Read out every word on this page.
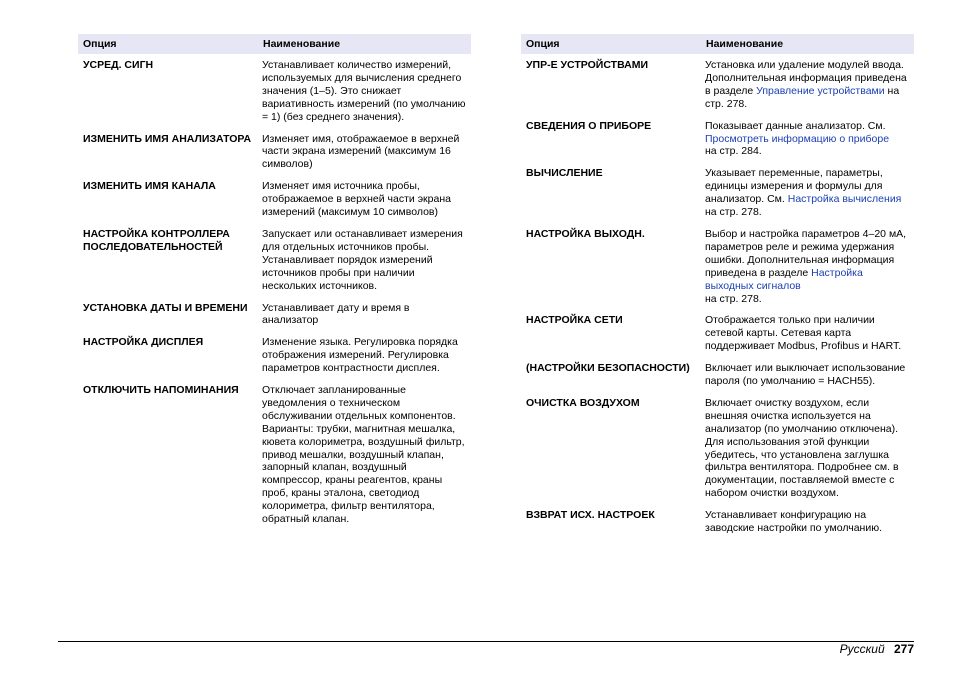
Опция	Наименование
УСРЕД. СИГН	Устанавливает количество измерений, используемых для вычисления среднего значения (1–5). Это снижает вариативность измерений (по умолчанию = 1) (без среднего значения).
ИЗМЕНИТЬ ИМЯ АНАЛИЗАТОРА	Изменяет имя, отображаемое в верхней части экрана измерений (максимум 16 символов)
ИЗМЕНИТЬ ИМЯ КАНАЛА	Изменяет имя источника пробы, отображаемое в верхней части экрана измерений (максимум 10 символов)
НАСТРОЙКА КОНТРОЛЛЕРА ПОСЛЕДОВАТЕЛЬНОСТЕЙ	Запускает или останавливает измерения для отдельных источников пробы. Устанавливает порядок измерений источников пробы при наличии нескольких источников.
УСТАНОВКА ДАТЫ И ВРЕМЕНИ	Устанавливает дату и время в анализатор
НАСТРОЙКА ДИСПЛЕЯ	Изменение языка. Регулировка порядка отображения измерений. Регулировка параметров контрастности дисплея.
ОТКЛЮЧИТЬ НАПОМИНАНИЯ	Отключает запланированные уведомления о техническом обслуживании отдельных компонентов. Варианты: трубки, магнитная мешалка, кювета колориметра, воздушный фильтр, привод мешалки, воздушный клапан, запорный клапан, воздушный компрессор, краны реагентов, краны проб, краны эталона, светодиод колориметра, фильтр вентилятора, обратный клапан.
Опция	Наименование
УПР-Е УСТРОЙСТВАМИ	Установка или удаление модулей ввода. Дополнительная информация приведена в разделе Управление устройствами на стр. 278.
СВЕДЕНИЯ О ПРИБОРЕ	Показывает данные анализатор. См. Просмотреть информацию о приборе
на стр. 284.
ВЫЧИСЛЕНИЕ	Указывает переменные, параметры, единицы измерения и формулы для анализатор. См. Настройка вычисления на стр. 278.
НАСТРОЙКА ВЫХОДН.	Выбор и настройка параметров 4–20 мА, параметров реле и режима удержания ошибки. Дополнительная информация приведена в разделе Настройка выходных сигналов
на стр. 278.
НАСТРОЙКА СЕТИ	Отображается только при наличии сетевой карты. Сетевая карта поддерживает Modbus, Profibus и HART.
(НАСТРОЙКИ БЕЗОПАСНОСТИ)	Включает или выключает использование пароля (по умолчанию = HACH55).
ОЧИСТКА ВОЗДУХОМ	Включает очистку воздухом, если внешняя очистка используется на анализатор (по умолчанию отключена). Для использования этой функции убедитесь, что установлена заглушка фильтра вентилятора. Подробнее см. в документации, поставляемой вместе с набором очистки воздухом.
ВЗВРАТ ИСХ. НАСТРОЕК	Устанавливает конфигурацию на заводские настройки по умолчанию.
Русский 277
